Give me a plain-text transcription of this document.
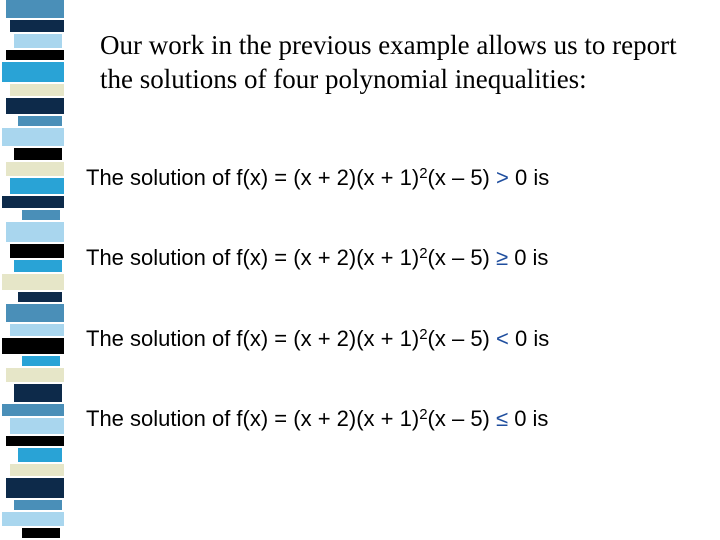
Our work in the previous example allows us to report the solutions of four polynomial inequalities:
The solution of $f(x) = (x + 2)(x + 1)^2(x - 5) > 0$ is
The solution of $f(x) = (x + 2)(x + 1)^2(x - 5) \ge 0$ is
The solution of $f(x) = (x + 2)(x + 1)^2(x - 5) < 0$ is
The solution of $f(x) = (x + 2)(x + 1)^2(x - 5) \le 0$ is
